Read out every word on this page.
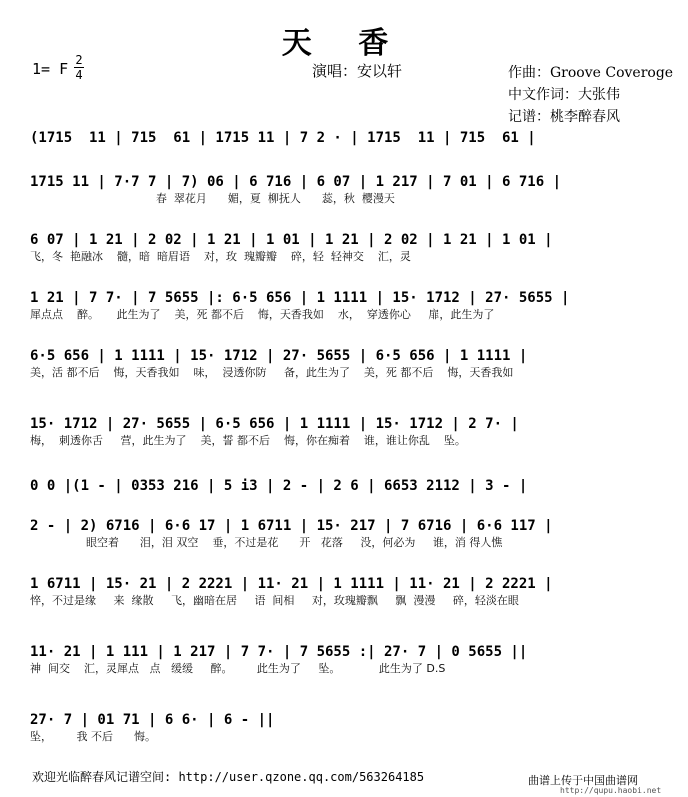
天 香
1= F 2
4	演唱：安以轩	作曲：Groove Coveroge
中文作词：大张伟
记谱：桃李醉春风
(1715  11 | 715  61 | 1715 11 | 7 2 · | 1715  11 | 715  61 |
1715 11 | 7·7 7 | 7) 06 | 6 716 | 6 07 | 1 217 | 7 01 | 6 716 |
春  翠花月      媚，夏  柳抚人      蕊，秋  樱漫天
6 07 | 1 21 | 2 02 | 1 21 | 1 01 | 1 21 | 2 02 | 1 21 | 1 01 |
飞，冬  艳融冰    髓，暗  暗眉语    对，玫  瑰瓣瓣    碎，轻  轻神交    汇，灵
1 21 | 7 7· | 7 5655 |: 6·5 656 | 1 1111 | 15· 1712 | 27· 5655 |
犀点点    醉。     此生为了    美，死 都不后    悔，天香我如    水，  穿透你心     扉，此生为了
6·5 656 | 1 1111 | 15· 1712 | 27· 5655 | 6·5 656 | 1 1111 |
美，活 都不后    悔，天香我如    味，  浸透你防     备，此生为了    美，死 都不后    悔，天香我如
15· 1712 | 27· 5655 | 6·5 656 | 1 1111 | 15· 1712 | 2 7· |
梅，  刺透你舌     营，此生为了    美，誓 都不后    悔，你在痴着    谁，谁让你乱    坠。
0 0 |(1 - | 0353 216 | 5 i3 | 2 - | 2 6 | 6653 2112 | 3 - |
2 - | 2) 6716 | 6·6 17 | 1 6711 | 15· 217 | 7 6716 | 6·6 117 |
眼空着      泪，泪 双空    垂，不过是花      开   花落     没，何必为     谁，消 得人憔
1 6711 | 15· 21 | 2 2221 | 11· 21 | 1 1111 | 11· 21 | 2 2221 |
悴，不过是缘     来  缘散     飞，幽暗在居     语  间相     对，玫瑰瓣飘     飘  漫漫     碎，轻淡在眼
11· 21 | 1 111 | 1 217 | 7 7· | 7 5655 :| 27· 7 | 0 5655 ||
神  间交    汇，灵犀点   点   缓缓     醉。       此生为了     坠。           此生为了 D.S
27· 7 | 01 71 | 6 6· | 6 - ||
坠，       我 不后      悔。
欢迎光临醉春风记谱空间: http://user.qzone.qq.com/563264185	曲谱上传于中国曲谱网
http://qupu.haobi.net
